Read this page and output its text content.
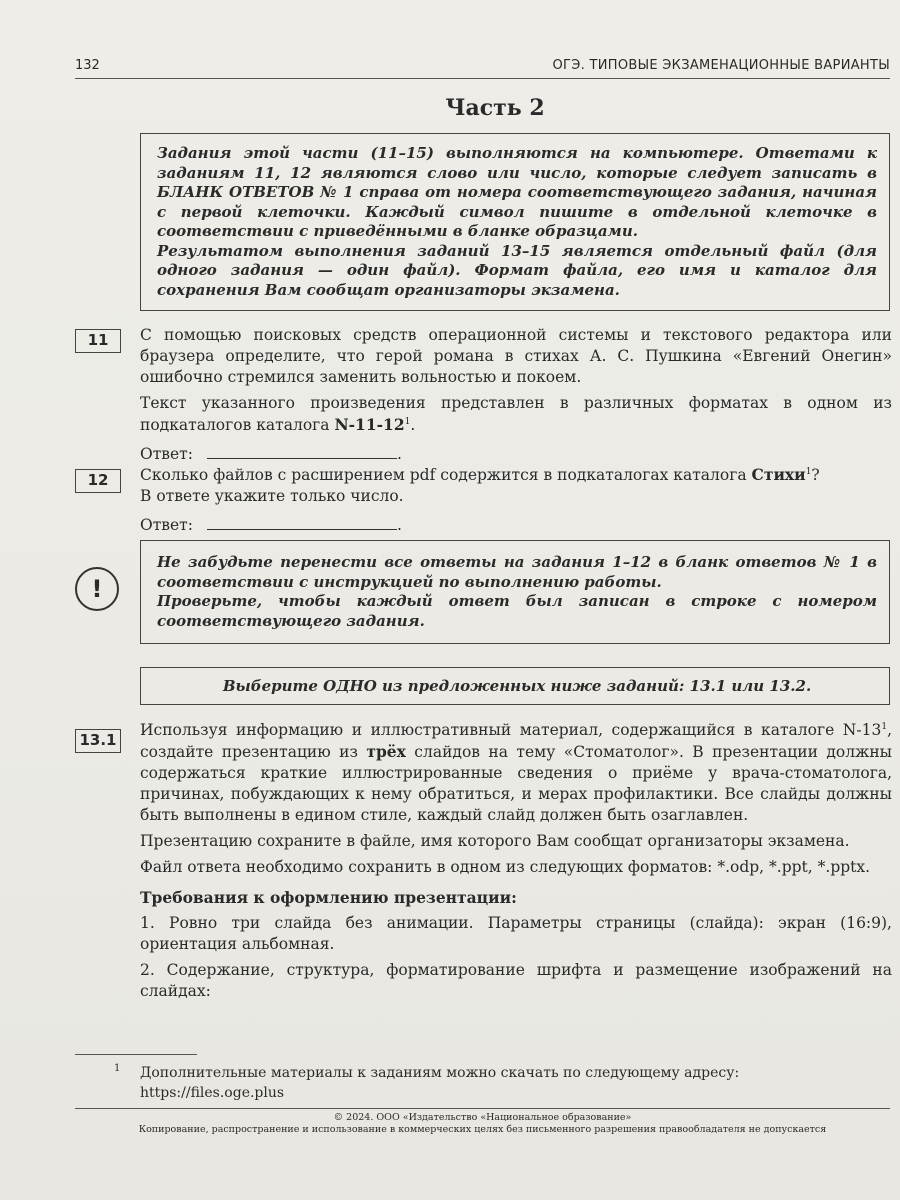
132	ОГЭ. ТИПОВЫЕ ЭКЗАМЕНАЦИОННЫЕ ВАРИАНТЫ
Часть 2

Задания этой части (11–15) выполняются на компьютере. Ответами к заданиям 11, 12 являются слово или число, которые следует записать в БЛАНК ОТВЕТОВ № 1 справа от номера соответствующего задания, начиная с первой клеточки. Каждый символ пишите в отдельной клеточке в соответствии с приведёнными в бланке образцами.

Результатом выполнения заданий 13–15 является отдельный файл (для одного задания — один файл). Формат файла, его имя и каталог для сохранения Вам сообщат организаторы экзамена.

11	С помощью поисковых средств операционной системы и текстового редактора или браузера определите, что герой романа в стихах А. С. Пушкина «Евгений Онегин» ошибочно стремился заменить вольностью и покоем.

Текст указанного произведения представлен в различных форматах в одном из подкаталогов каталога $N-11-12^1$.

Ответ:	.

12	Сколько файлов с расширением pdf содержится в подкаталогах каталога Стихи$^1$?

В ответе укажите только число.

Ответ:	.

!

Не забудьте перенести все ответы на задания 1–12 в бланк ответов № 1 в соответствии с инструкцией по выполнению работы.

Проверьте, чтобы каждый ответ был записан в строке с номером соответствующего задания.

Выберите ОДНО из предложенных ниже заданий: 13.1 или 13.2.
13.1

Используя информацию и иллюстративный материал, содержащийся в каталоге $N-13^1$, создайте презентацию из трёх слайдов на тему «Стоматолог». В презентации должны содержаться краткие иллюстрированные сведения о приёме у врача-стоматолога, причинах, побуждающих к нему обратиться, и мерах профилактики. Все слайды должны быть выполнены в едином стиле, каждый слайд должен быть озаглавлен.

Презентацию сохраните в файле, имя которого Вам сообщат организаторы экзамена.

Файл ответа необходимо сохранить в одном из следующих форматов: *.odp, *.ppt, *.pptx.

Требования к оформлению презентации:

1. Ровно три слайда без анимации. Параметры страницы (слайда): экран (16:9), ориентация альбомная.

2. Содержание, структура, форматирование шрифта и размещение изображений на слайдах:

1 Дополнительные материалы к заданиям можно скачать по следующему адресу:
https://files.oge.plus
© 2024. ООО «Издательство «Национальное образование»
Копирование, распространение и использование в коммерческих целях без письменного разрешения правообладателя не допускается
